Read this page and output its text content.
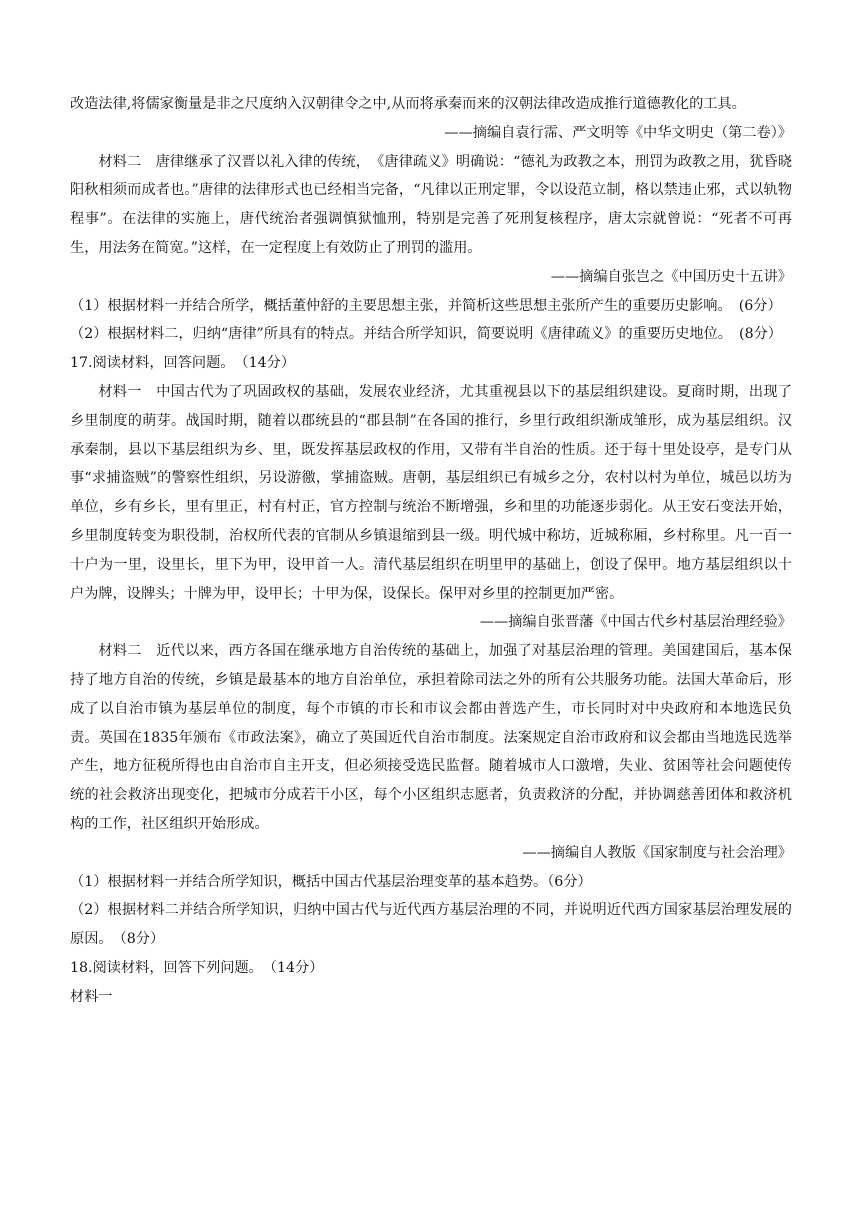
改造法律,将儒家衡量是非之尺度纳入汉朝律令之中,从而将承秦而来的汉朝法律改造成推行道德教化的工具。

——摘编自袁行霈、严文明等《中华文明史（第二卷）》

材料二　唐律继承了汉晋以礼入律的传统，　《唐律疏义》明确说：“德礼为政教之本，刑罚为政教之用，犹昏晓阳秋相须而成者也。”唐律的法律形式也已经相当完备，“凡律以正刑定罪，令以设范立制，格以禁违止邪，式以轨物程事”。在法律的实施上，唐代统治者强调慎狱恤刑，特别是完善了死刑复核程序，唐太宗就曾说：“死者不可再生，用法务在简宽。”这样，在一定程度上有效防止了刑罚的滥用。

——摘编自张岂之《中国历史十五讲》

（1）根据材料一并结合所学，概括董仲舒的主要思想主张，并简析这些思想主张所产生的重要历史影响。　(6分）

（2）根据材料二，归纳“唐律”所具有的特点。并结合所学知识，简要说明《唐律疏义》的重要历史地位。　(8分）

17.阅读材料，回答问题。　（14分）

材料一　中国古代为了巩固政权的基础，发展农业经济，尤其重视县以下的基层组织建设。夏商时期，出现了乡里制度的萌芽。战国时期，随着以郡统县的“郡县制”在各国的推行，乡里行政组织渐成雏形，成为基层组织。汉承秦制，县以下基层组织为乡、里，既发挥基层政权的作用，又带有半自治的性质。还于每十里处设亭，是专门从事“求捕盗贼”的警察性组织，另设游徼，掌捕盗贼。唐朝，基层组织已有城乡之分，农村以村为单位，城邑以坊为单位，乡有乡长，里有里正，村有村正，官方控制与统治不断增强，乡和里的功能逐步弱化。从王安石变法开始，乡里制度转变为职役制，治权所代表的官制从乡镇退缩到县一级。明代城中称坊，近城称厢，乡村称里。凡一百一十户为一里，设里长，里下为甲，设甲首一人。清代基层组织在明里甲的基础上，创设了保甲。地方基层组织以十户为牌，设牌头；十牌为甲，设甲长；十甲为保，设保长。保甲对乡里的控制更加严密。

——摘编自张晋藩《中国古代乡村基层治理经验》

材料二　近代以来，西方各国在继承地方自治传统的基础上，加强了对基层治理的管理。美国建国后，基本保持了地方自治的传统，乡镇是最基本的地方自治单位，承担着除司法之外的所有公共服务功能。法国大革命后，形成了以自治市镇为基层单位的制度，每个市镇的市长和市议会都由普选产生，市长同时对中央政府和本地选民负责。英国在1835年颁布《市政法案》，确立了英国近代自治市制度。法案规定自治市政府和议会都由当地选民选举产生，地方征税所得也由自治市自主开支，但必须接受选民监督。随着城市人口激增，失业、贫困等社会问题使传统的社会救济出现变化，把城市分成若干小区，每个小区组织志愿者，负责救济的分配，并协调慈善团体和救济机构的工作，社区组织开始形成。

——摘编自人教版《国家制度与社会治理》

（1）根据材料一并结合所学知识，概括中国古代基层治理变革的基本趋势。（6分）

（2）根据材料二并结合所学知识，归纳中国古代与近代西方基层治理的不同，并说明近代西方国家基层治理发展的原因。　（8分）

18.阅读材料，回答下列问题。　（14分）

材料一
